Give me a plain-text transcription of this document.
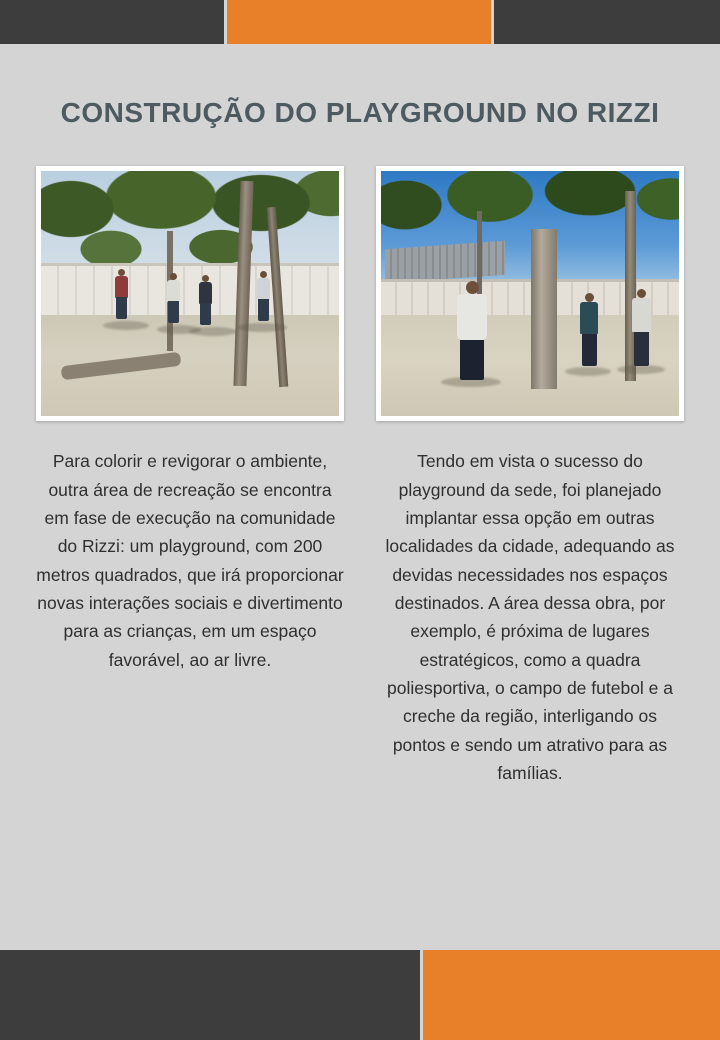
CONSTRUÇÃO DO PLAYGROUND NO RIZZI

Para colorir e revigorar o ambiente, outra área de recreação se encontra em fase de execução na comunidade do Rizzi: um playground, com 200 metros quadrados, que irá proporcionar novas interações sociais e divertimento para as crianças, em um espaço favorável, ao ar livre.

Tendo em vista o sucesso do playground da sede, foi planejado implantar essa opção em outras localidades da cidade, adequando as devidas necessidades nos espaços destinados. A área dessa obra, por exemplo, é próxima de lugares estratégicos, como a quadra poliesportiva, o campo de futebol e a creche da região, interligando os pontos e sendo um atrativo para as famílias.
